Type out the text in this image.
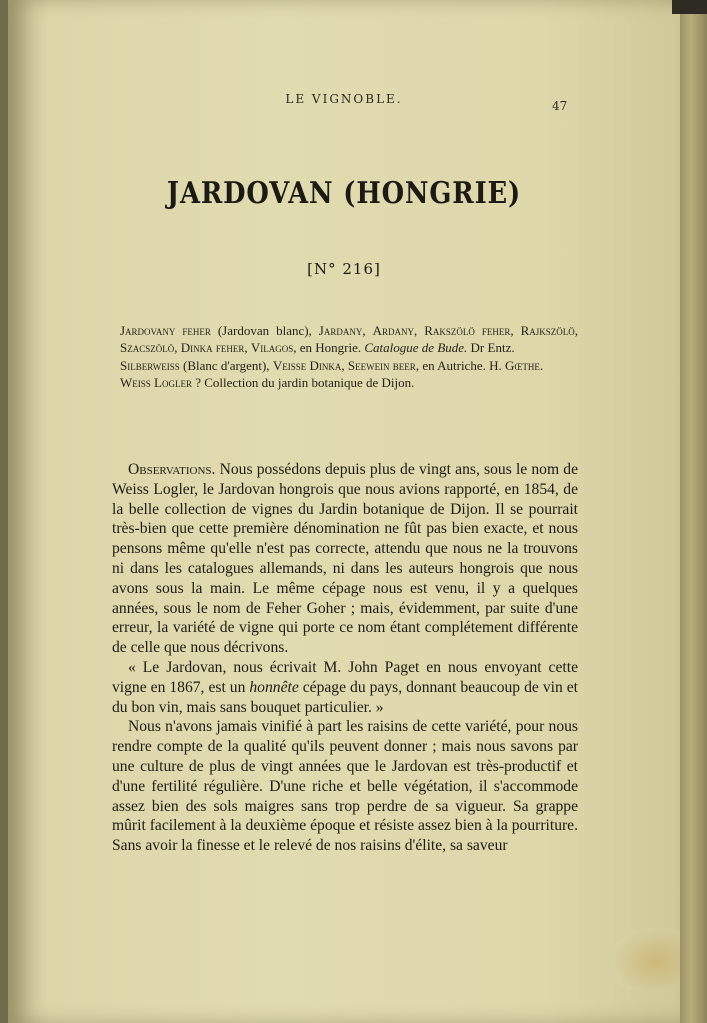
LE VIGNOBLE.	47
JARDOVAN (HONGRIE)
[N° 216]

Jardovany feher (Jardovan blanc), Jardany, Ardany, Rakszölö feher, Rajkszölö, Szacszölö, Dinka feher, Vilagos, en Hongrie. Catalogue de Bude. Dr Entz.

Silberweiss (Blanc d'argent), Veisse Dinka, Seewein beer, en Autriche. H. Gœthe.

Weiss Logler ? Collection du jardin botanique de Dijon.

Observations. Nous possédons depuis plus de vingt ans, sous le nom de Weiss Logler, le Jardovan hongrois que nous avions rapporté, en 1854, de la belle collection de vignes du Jardin botanique de Dijon. Il se pourrait très-bien que cette première dénomination ne fût pas bien exacte, et nous pensons même qu'elle n'est pas correcte, attendu que nous ne la trouvons ni dans les catalogues allemands, ni dans les auteurs hongrois que nous avons sous la main. Le même cépage nous est venu, il y a quelques années, sous le nom de Feher Goher ; mais, évidemment, par suite d'une erreur, la variété de vigne qui porte ce nom étant complétement différente de celle que nous décrivons.

« Le Jardovan, nous écrivait M. John Paget en nous envoyant cette vigne en 1867, est un honnête cépage du pays, donnant beaucoup de vin et du bon vin, mais sans bouquet particulier. »

Nous n'avons jamais vinifié à part les raisins de cette variété, pour nous rendre compte de la qualité qu'ils peuvent donner ; mais nous savons par une culture de plus de vingt années que le Jardovan est très-productif et d'une fertilité régulière. D'une riche et belle végétation, il s'accommode assez bien des sols maigres sans trop perdre de sa vigueur. Sa grappe mûrit facilement à la deuxième époque et résiste assez bien à la pourriture. Sans avoir la finesse et le relevé de nos raisins d'élite, sa saveur
